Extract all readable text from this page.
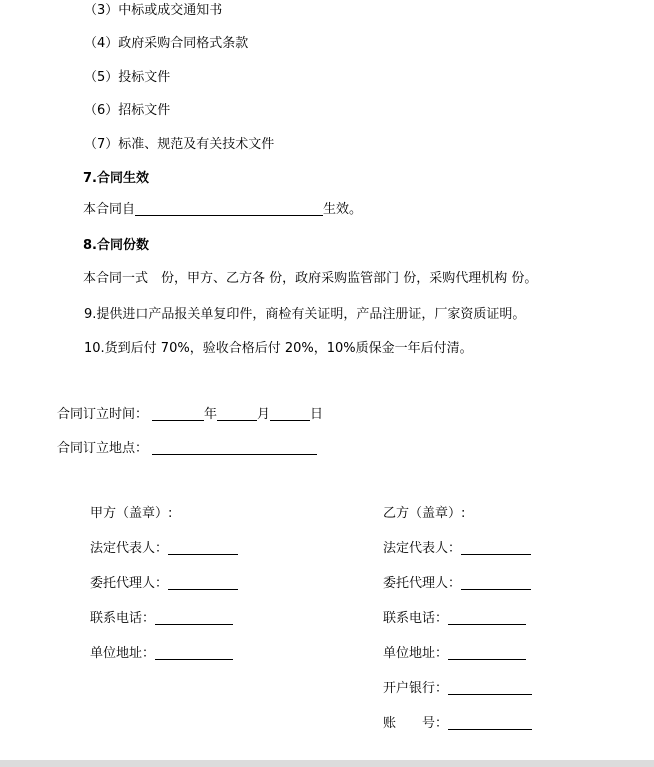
（3）中标或成交通知书
（4）政府采购合同格式条款
（5）投标文件
（6）招标文件
（7）标准、规范及有关技术文件
7.合同生效
本合同自	生效。
8.合同份数
本合同一式　份，甲方、乙方各 份，政府采购监管部门 份，采购代理机构 份。
9.提供进口产品报关单复印件，商检有关证明，产品注册证，厂家资质证明。
10.货到后付 70%，验收合格后付 20%，10%质保金一年后付清。
合同订立时间：	年	月	日
合同订立地点：
甲方（盖章）:
法定代表人：
委托代理人：
联系电话：
单位地址：
乙方（盖章）:
法定代表人：
委托代理人：
联系电话：
单位地址：
开户银行：
账　　号：
